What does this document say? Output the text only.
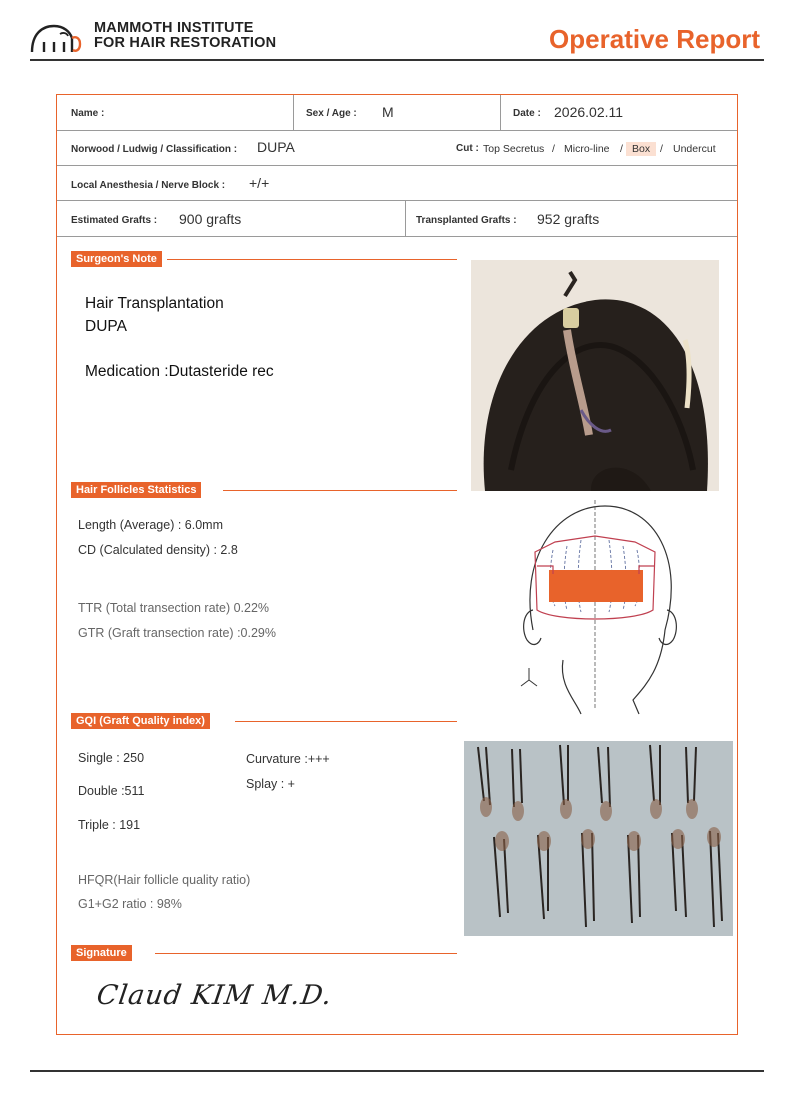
MAMMOTH INSTITUTE
FOR HAIR RESTORATION	Operative Report
Name :	Sex / Age : M	Date : 2026.02.11
Norwood / Ludwig / Classification : DUPA	Cut : Top Secretus / Micro-line / Box / Undercut
Local Anesthesia / Nerve Block : +/+
Estimated Grafts : 900 grafts	Transplanted Grafts : 952 grafts
Surgeon's Note
Hair Transplantation
DUPA
Medication :Dutasteride rec
Hair Follicles Statistics
Length (Average) : 6.0mm
CD (Calculated density) : 2.8
TTR (Total transection rate) 0.22%
GTR (Graft transection rate) :0.29%
GQI (Graft Quality index)
Single : 250
Double :511
Triple : 191
Curvature :+++
Splay : +
HFQR(Hair follicle quality ratio)
G1+G2 ratio : 98%
Signature
Claud KIM M.D.
